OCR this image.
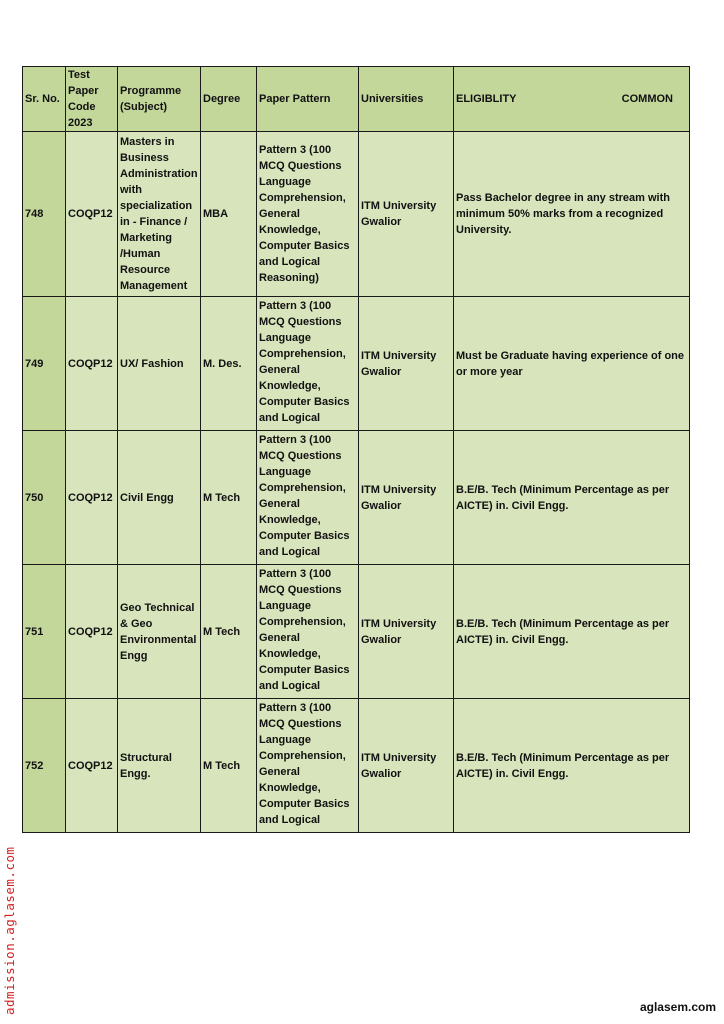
Sr. No.	Test Paper Code 2023	Programme (Subject)	Degree	Paper Pattern	Universities	ELIGIBLITY COMMON

748	COQP12	Masters in Business Administration with specialization in - Finance / Marketing /Human Resource Management	MBA	Pattern 3 (100 MCQ Questions Language Comprehension, General Knowledge, Computer Basics and Logical Reasoning)	ITM University Gwalior	Pass Bachelor degree in any stream with minimum 50% marks from a recognized University.
749	COQP12	UX/ Fashion	M. Des.	Pattern 3 (100 MCQ Questions Language Comprehension, General Knowledge, Computer Basics and Logical	ITM University Gwalior	Must be Graduate having experience of one or more year
750	COQP12	Civil Engg	M Tech	Pattern 3 (100 MCQ Questions Language Comprehension, General Knowledge, Computer Basics and Logical	ITM University Gwalior	B.E/B. Tech (Minimum Percentage as per AICTE) in. Civil Engg.
751	COQP12	Geo Technical & Geo Environmental Engg	M Tech	Pattern 3 (100 MCQ Questions Language Comprehension, General Knowledge, Computer Basics and Logical	ITM University Gwalior	B.E/B. Tech (Minimum Percentage as per AICTE) in. Civil Engg.
752	COQP12	Structural Engg.	M Tech	Pattern 3 (100 MCQ Questions Language Comprehension, General Knowledge, Computer Basics and Logical	ITM University Gwalior	B.E/B. Tech (Minimum Percentage as per AICTE) in. Civil Engg.
admission.aglasem.com	aglasem.com
